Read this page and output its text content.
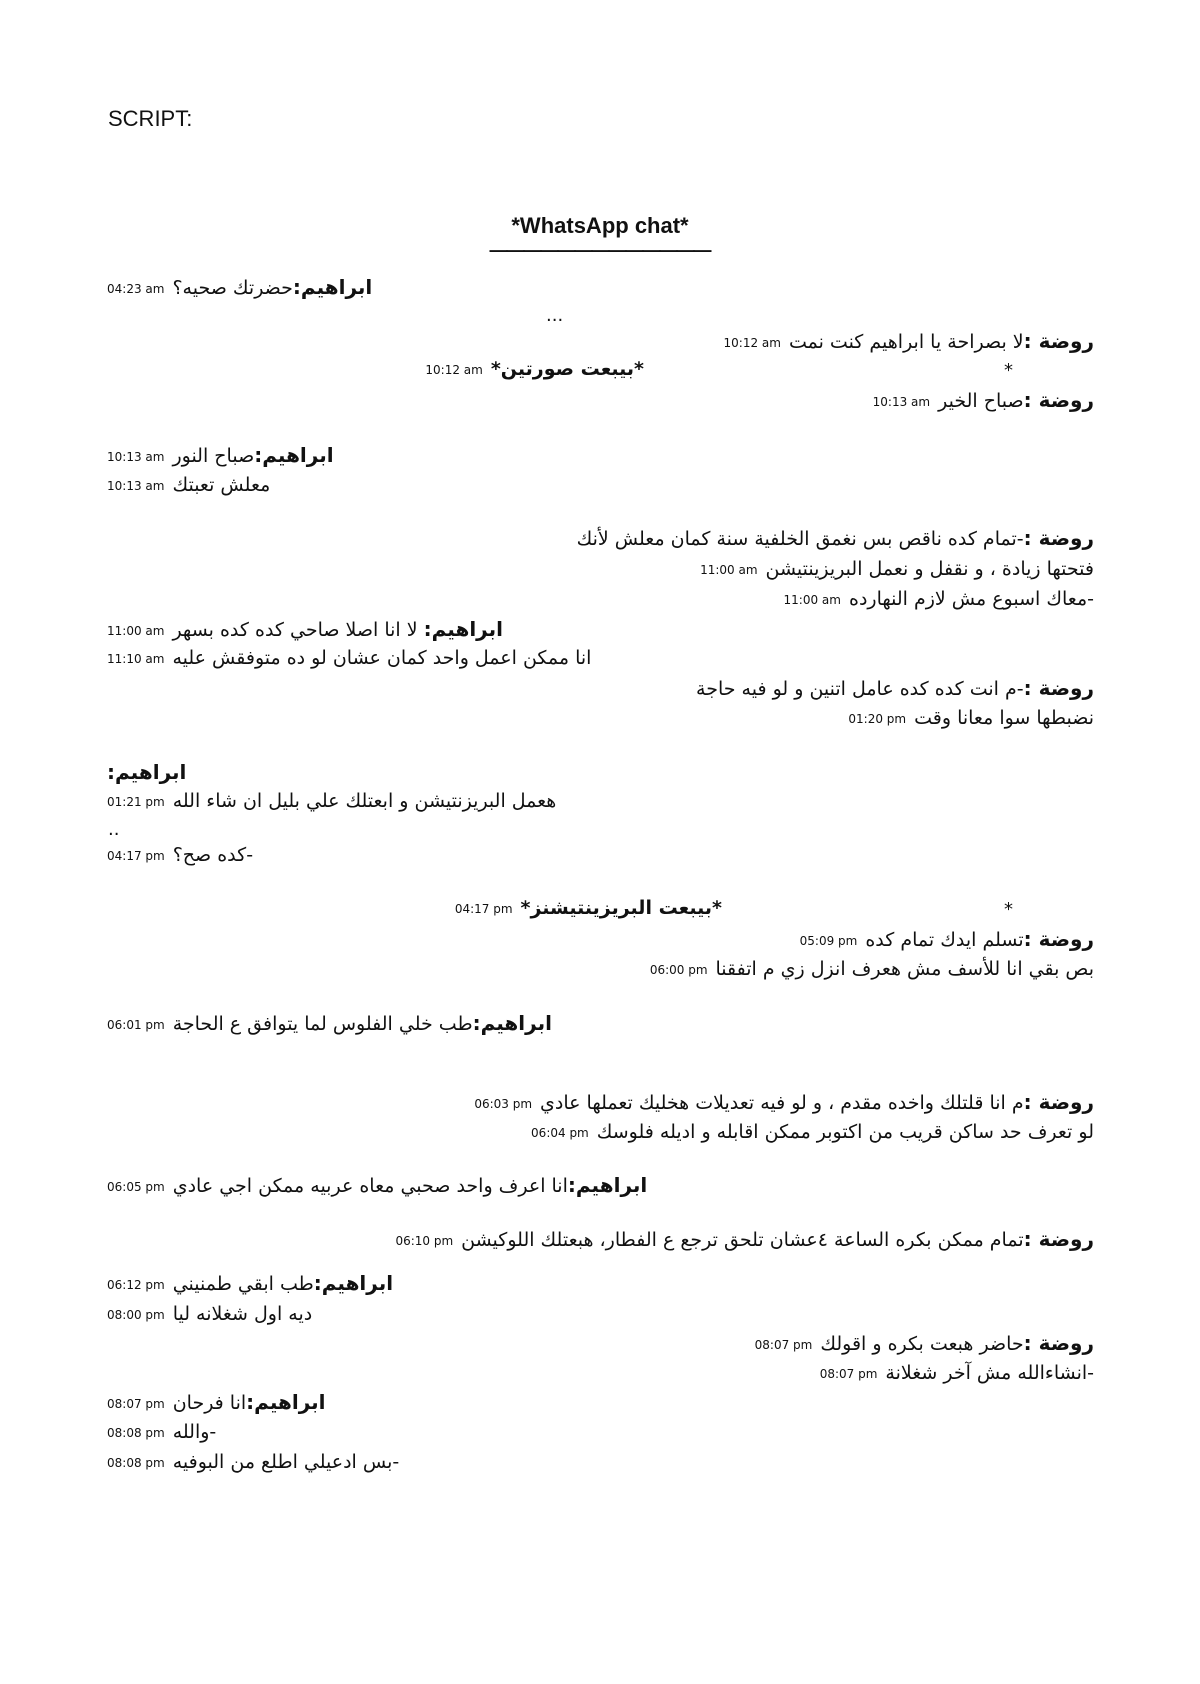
SCRIPT:
*WhatsApp chat*
—————————————
ابراهيم:حضرتك صحيه؟04:23 am
...
روضة :لا بصراحة يا ابراهيم كنت نمت10:12 am
*
*بيبعت صورتين*10:12 am
روضة :صباح الخير10:13 am
ابراهيم:صباح النور10:13 am
معلش تعبتك10:13 am
روضة :-تمام كده ناقص بس نغمق الخلفية سنة كمان معلش لأنك
فتحتها زيادة ، و نقفل و نعمل البريزينتيشن11:00 am
-معاك اسبوع مش لازم النهارده11:00 am
ابراهيم: لا انا اصلا صاحي كده كده بسهر11:00 am
انا ممكن اعمل واحد كمان عشان لو ده متوفقش عليه11:10 am
روضة :-م انت كده كده عامل اتنين و لو فيه حاجة
نضبطها سوا معانا وقت01:20 pm
ابراهيم:
هعمل البريزنتيشن و ابعتلك علي بليل ان شاء الله01:21 pm
..
-كده صح؟04:17 pm
*
*بيبعت البريزينتيشنز*04:17 pm
روضة :تسلم ايدك تمام كده05:09 pm
بص بقي انا للأسف مش هعرف انزل زي م اتفقنا06:00 pm
ابراهيم:طب خلي الفلوس لما يتوافق ع الحاجة06:01 pm
روضة :م انا قلتلك واخده مقدم ، و لو فيه تعديلات هخليك تعملها عادي06:03 pm
لو تعرف حد ساكن قريب من اكتوبر ممكن اقابله و اديله فلوسك06:04 pm
ابراهيم:انا اعرف واحد صحبي معاه عربيه ممكن اجي عادي06:05 pm
روضة :تمام ممكن بكره الساعة ٤عشان تلحق ترجع ع الفطار، هبعتلك اللوكيشن06:10 pm
ابراهيم:طب ابقي طمنيني06:12 pm
ديه اول شغلانه ليا08:00 pm
روضة :حاضر هبعت بكره و اقولك08:07 pm
-انشاءالله مش آخر شغلانة08:07 pm
ابراهيم:انا فرحان08:07 pm
-والله08:08 pm
-بس ادعيلي اطلع من البوفيه08:08 pm
